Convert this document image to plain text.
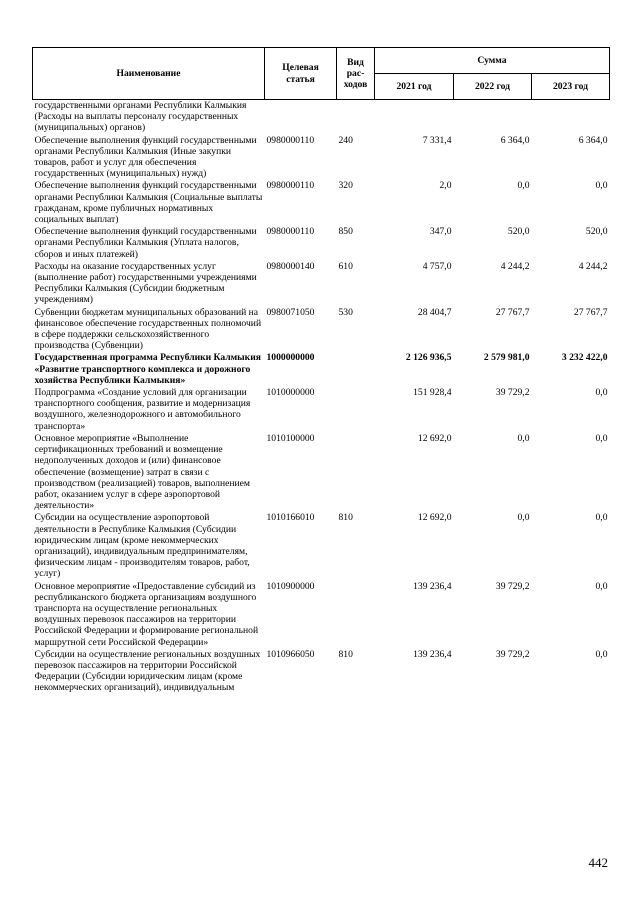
Наименование	Целевая статья	Вид рас-ходов	Сумма		
			2021 год	2022 год	2023 год
государственными органами Республики Калмыкия (Расходы на выплаты персоналу государственных (муниципальных) органов)					
Обеспечение выполнения функций государственными органами Республики Калмыкия (Иные закупки товаров, работ и услуг для обеспечения государственных (муниципальных) нужд)	0980000110	240	7 331,4	6 364,0	6 364,0
Обеспечение выполнения функций государственными органами Республики Калмыкия (Социальные выплаты гражданам, кроме публичных нормативных социальных выплат)	0980000110	320	2,0	0,0	0,0
Обеспечение выполнения функций государственными органами Республики Калмыкия (Уплата налогов, сборов и иных платежей)	0980000110	850	347,0	520,0	520,0
Расходы на оказание государственных услуг (выполнение работ) государственными учреждениями Республики Калмыкия (Субсидии бюджетным учреждениям)	0980000140	610	4 757,0	4 244,2	4 244,2
Субвенции бюджетам муниципальных образований на финансовое обеспечение государственных полномочий в сфере поддержки сельскохозяйственного производства (Субвенции)	0980071050	530	28 404,7	27 767,7	27 767,7
Государственная программа Республики Калмыкия «Развитие транспортного комплекса и дорожного хозяйства Республики Калмыкия»	1000000000		2 126 936,5	2 579 981,0	3 232 422,0
Подпрограмма «Создание условий для организации транспортного сообщения, развитие и модернизация воздушного, железнодорожного и автомобильного транспорта»	1010000000		151 928,4	39 729,2	0,0
Основное мероприятие «Выполнение сертификационных требований и возмещение недополученных доходов и (или) финансовое обеспечение (возмещение) затрат в связи с производством (реализацией) товаров, выполнением работ, оказанием услуг в сфере аэропортовой деятельности»	1010100000		12 692,0	0,0	0,0
Субсидии на осуществление аэропортовой деятельности в Республике Калмыкия (Субсидии юридическим лицам (кроме некоммерческих организаций), индивидуальным предпринимателям, физическим лицам - производителям товаров, работ, услуг)	1010166010	810	12 692,0	0,0	0,0
Основное мероприятие «Предоставление субсидий из республиканского бюджета организациям воздушного транспорта на осуществление региональных воздушных перевозок пассажиров на территории Российской Федерации и формирование региональной маршрутной сети Российской Федерации»	1010900000		139 236,4	39 729,2	0,0
Субсидии на осуществление региональных воздушных перевозок пассажиров на территории Российской Федерации (Субсидии юридическим лицам (кроме некоммерческих организаций), индивидуальным	1010966050	810	139 236,4	39 729,2	0,0
442
